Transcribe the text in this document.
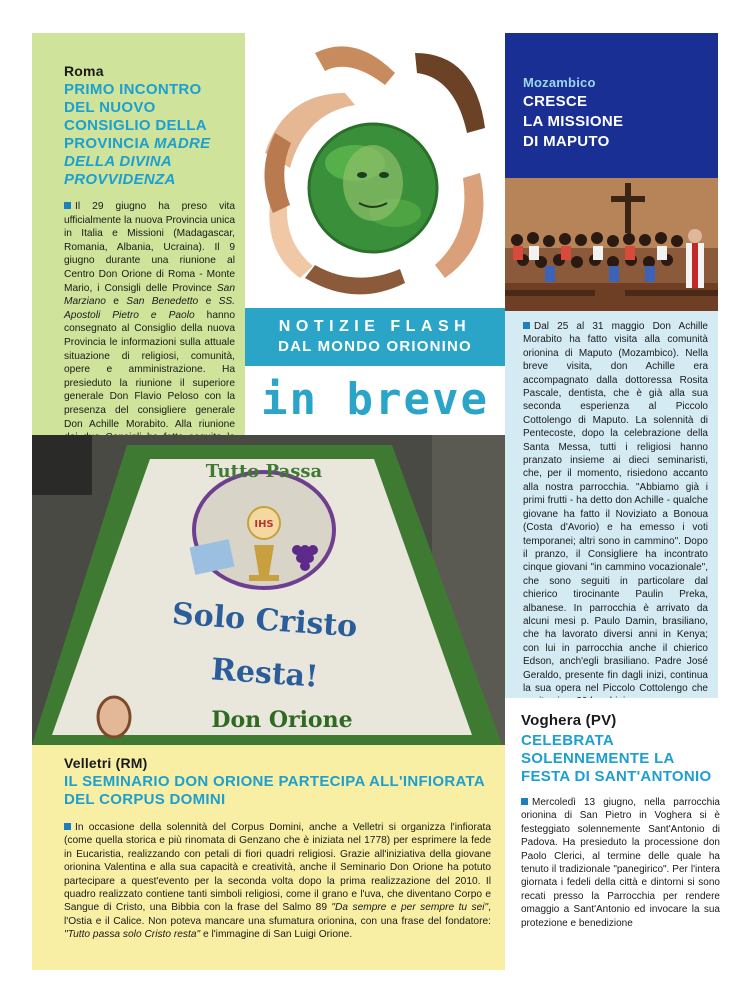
Roma
PRIMO INCONTRO DEL NUOVO CONSIGLIO DELLA PROVINCIA MADRE DELLA DIVINA PROVVIDENZA

Il 29 giugno ha preso vita ufficialmente la nuova Provincia unica in Italia e Missioni (Madagascar, Romania, Albania, Ucraina). Il 9 giugno durante una riunione al Centro Don Orione di Roma - Monte Mario, i Consigli delle Province San Marziano e San Benedetto e SS. Apostoli Pietro e Paolo hanno consegnato al Consiglio della nuova Provincia le informazioni sulla attuale situazione di religiosi, comunità, opere e amministrazione. Ha presieduto la riunione il superiore generale Don Flavio Peloso con la presenza del consigliere generale Don Achille Morabito. Alla riunione

NOTIZIE FLASH
DAL MONDO ORIONINO
in breve
Mozambico
CRESCE
LA MISSIONE
DI MAPUTO

Dal 25 al 31 maggio Don Achille Morabito ha fatto visita alla comunità orionina di Maputo (Mozambico). Nella breve visita, don Achille era accompagnato dalla dottoressa Rosita Pascale, dentista, che è già alla sua seconda esperienza al Piccolo Cottolengo di Maputo. La solennità di Pentecoste, dopo la celebrazione della Santa Messa, tutti i religiosi hanno pranzato insieme ai dieci seminaristi, che, per il momento, risiedono accanto alla nostra parrocchia. "Abbiamo già i primi frutti - ha detto don Achille - qualche giovane ha fatto il Noviziato a Bonoua (Costa d'Avorio) e ha emesso i voti temporanei; altri sono in cammino". Dopo il pranzo, il Consigliere ha incontrato cinque giovani "in cammino vocazionale", che sono seguiti in particolare dal chierico tirocinante Paulin Preka, albanese. In parrocchia è arrivato da alcuni mesi p. Paulo Damin, brasiliano, che ha lavorato diversi anni in Kenya; con lui in parrocchia anche il chierico Edson, anch'egli brasiliano. Padre José Geraldo, presente fin dagli inizi, continua la sua opera nel Piccolo Cottolengo che

IHS
Tutto Passa
Solo Cristo
Resta!
Don Orione
Velletri (RM)
IL SEMINARIO DON ORIONE PARTECIPA ALL'INFIORATA DEL CORPUS DOMINI

In occasione della solennità del Corpus Domini, anche a Velletri si organizza l'infiorata (come quella storica e più rinomata di Genzano che è iniziata nel 1778) per esprimere la fede in Eucaristia, realizzando con petali di fiori quadri religiosi. Grazie all'iniziativa della giovane orionina Valentina e alla sua capacità e creatività, anche il Seminario Don Orione ha potuto partecipare a quest'evento per la seconda volta dopo la prima realizzazione del 2010. Il quadro realizzato contiene tanti simboli religiosi, come il grano e l'uva, che diventano Corpo e Sangue di Cristo, una Bibbia con la frase del Salmo 89 "Da sempre e per sempre tu sei", l'Ostia e il Calice. Non poteva mancare una sfumatura orionina, con una frase del fondatore: "Tutto passa solo Cristo resta" e l'immagine di San Luigi Orione.

Voghera (PV)
CELEBRATA SOLENNEMENTE LA FESTA DI SANT'ANTONIO

Mercoledì 13 giugno, nella parrocchia orionina di San Pietro in Voghera si è festeggiato solennemente Sant'Antonio di Padova. Ha presieduto la processione don Paolo Clerici, al termine delle quale ha tenuto il tradizionale "panegirico". Per l'intera giornata i fedeli della città e dintorni si sono recati presso la Parrocchia per rendere omaggio a Sant'Antonio ed invocare la sua protezione e benedizione
